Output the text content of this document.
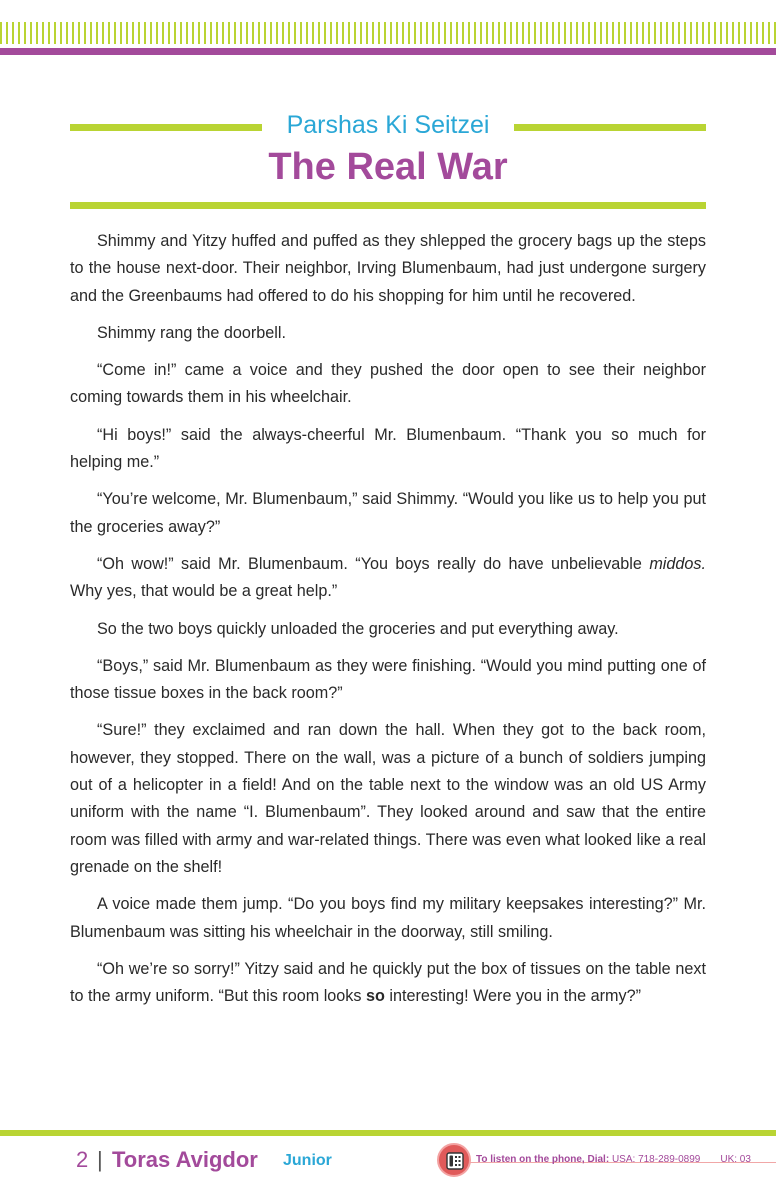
Parshas Ki Seitzei
The Real War

Shimmy and Yitzy huffed and puffed as they shlepped the grocery bags up the steps to the house next-door. Their neighbor, Irving Blumenbaum, had just undergone surgery and the Greenbaums had offered to do his shopping for him until he recovered.

Shimmy rang the doorbell.

“Come in!” came a voice and they pushed the door open to see their neighbor coming towards them in his wheelchair.

“Hi boys!” said the always-cheerful Mr. Blumenbaum. “Thank you so much for helping me.”

“You’re welcome, Mr. Blumenbaum,” said Shimmy. “Would you like us to help you put the groceries away?”

“Oh wow!” said Mr. Blumenbaum. “You boys really do have unbelievable middos. Why yes, that would be a great help.”

So the two boys quickly unloaded the groceries and put everything away.

“Boys,” said Mr. Blumenbaum as they were finishing. “Would you mind putting one of those tissue boxes in the back room?”

“Sure!” they exclaimed and ran down the hall. When they got to the back room, however, they stopped. There on the wall, was a picture of a bunch of soldiers jumping out of a helicopter in a field! And on the table next to the window was an old US Army uniform with the name “I. Blumenbaum”. They looked around and saw that the entire room was filled with army and war-related things. There was even what looked like a real grenade on the shelf!

A voice made them jump. “Do you boys find my military keepsakes interesting?” Mr. Blumenbaum was sitting his wheelchair in the doorway, still smiling.

“Oh we’re so sorry!” Yitzy said and he quickly put the box of tissues on the table next to the army uniform. “But this room looks so interesting! Were you in the army?”

2 | Toras Avigdor Junior	To listen on the phone, Dial: USA: 718-289-0899 UK: 03
